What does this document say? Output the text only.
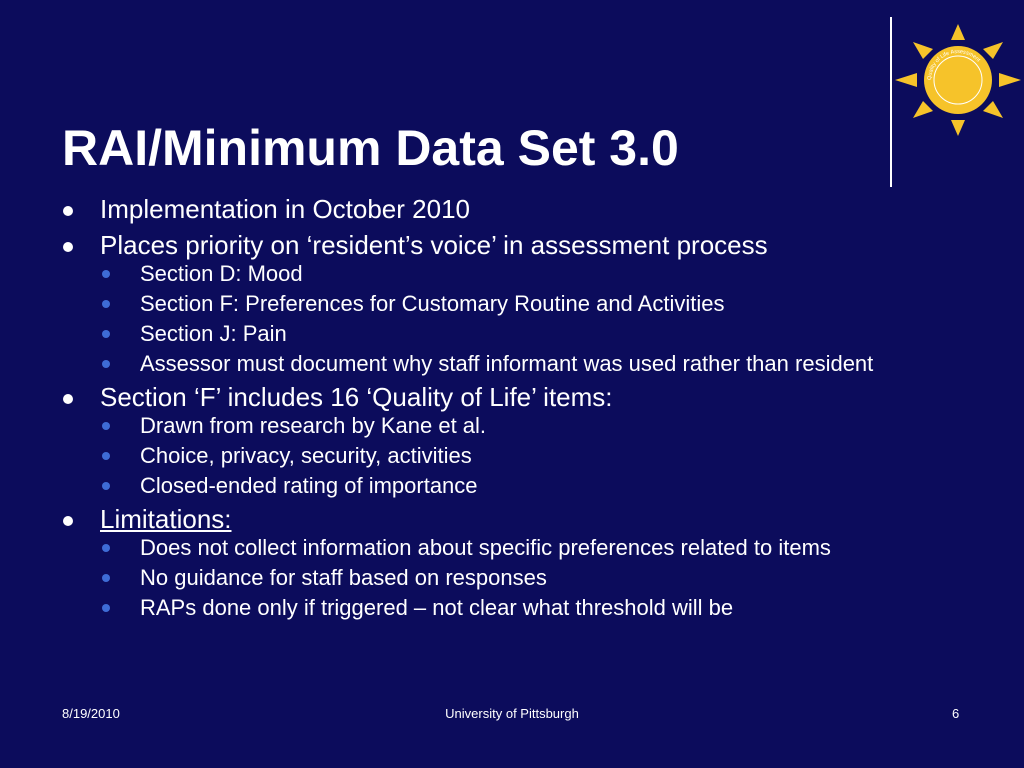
RAI/Minimum Data Set 3.0
Quality of Life Assessment
Implementation in October 2010
Places priority on ‘resident’s voice’ in assessment process
Section D: Mood
Section F: Preferences for Customary Routine and Activities
Section J: Pain
Assessor must document why staff informant was used rather than resident
Section ‘F’ includes 16 ‘Quality of Life’ items:
Drawn from research by Kane et al.
Choice, privacy, security, activities
Closed-ended rating of importance
Limitations:
Does not collect information about specific preferences related to items
No guidance for staff based on responses
RAPs done only if triggered – not clear what threshold will be
8/19/2010	University of Pittsburgh	6
